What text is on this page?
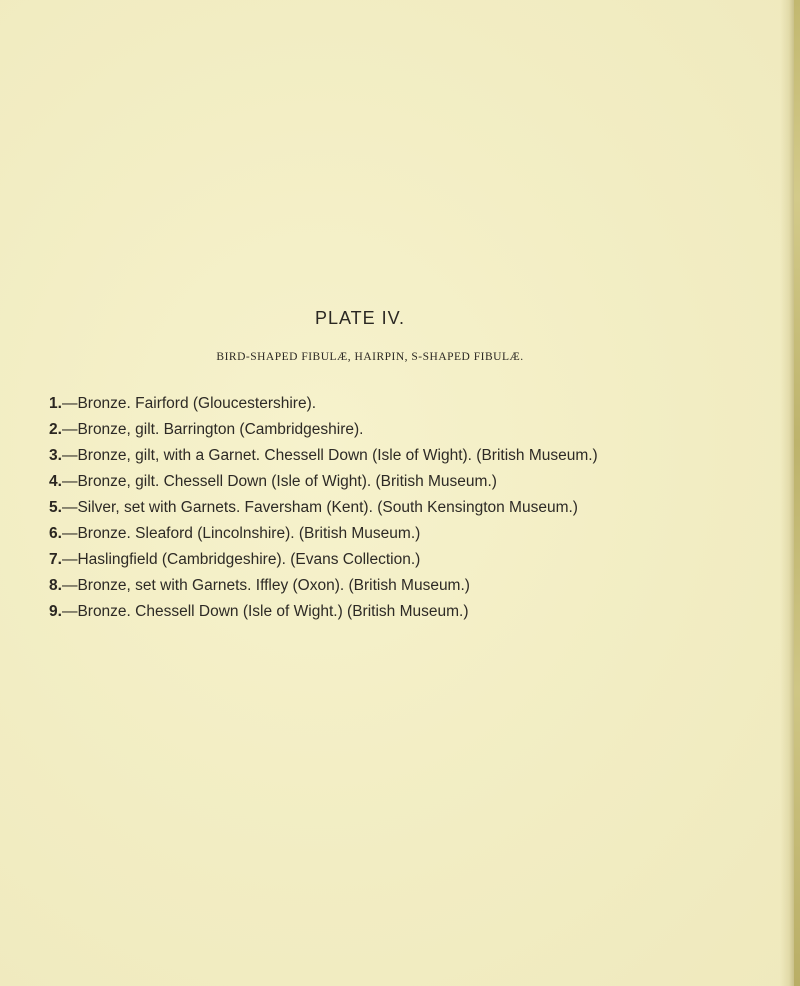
PLATE IV.
BIRD-SHAPED FIBULÆ, HAIRPIN, S-SHAPED FIBULÆ.
1.—Bronze. Fairford (Gloucestershire).
2.—Bronze, gilt. Barrington (Cambridgeshire).
3.—Bronze, gilt, with a Garnet. Chessell Down (Isle of Wight). (British Museum.)
4.—Bronze, gilt. Chessell Down (Isle of Wight). (British Museum.)
5.—Silver, set with Garnets. Faversham (Kent). (South Kensington Museum.)
6.—Bronze. Sleaford (Lincolnshire). (British Museum.)
7.—Haslingfield (Cambridgeshire). (Evans Collection.)
8.—Bronze, set with Garnets. Iffley (Oxon). (British Museum.)
9.—Bronze. Chessell Down (Isle of Wight.) (British Museum.)
